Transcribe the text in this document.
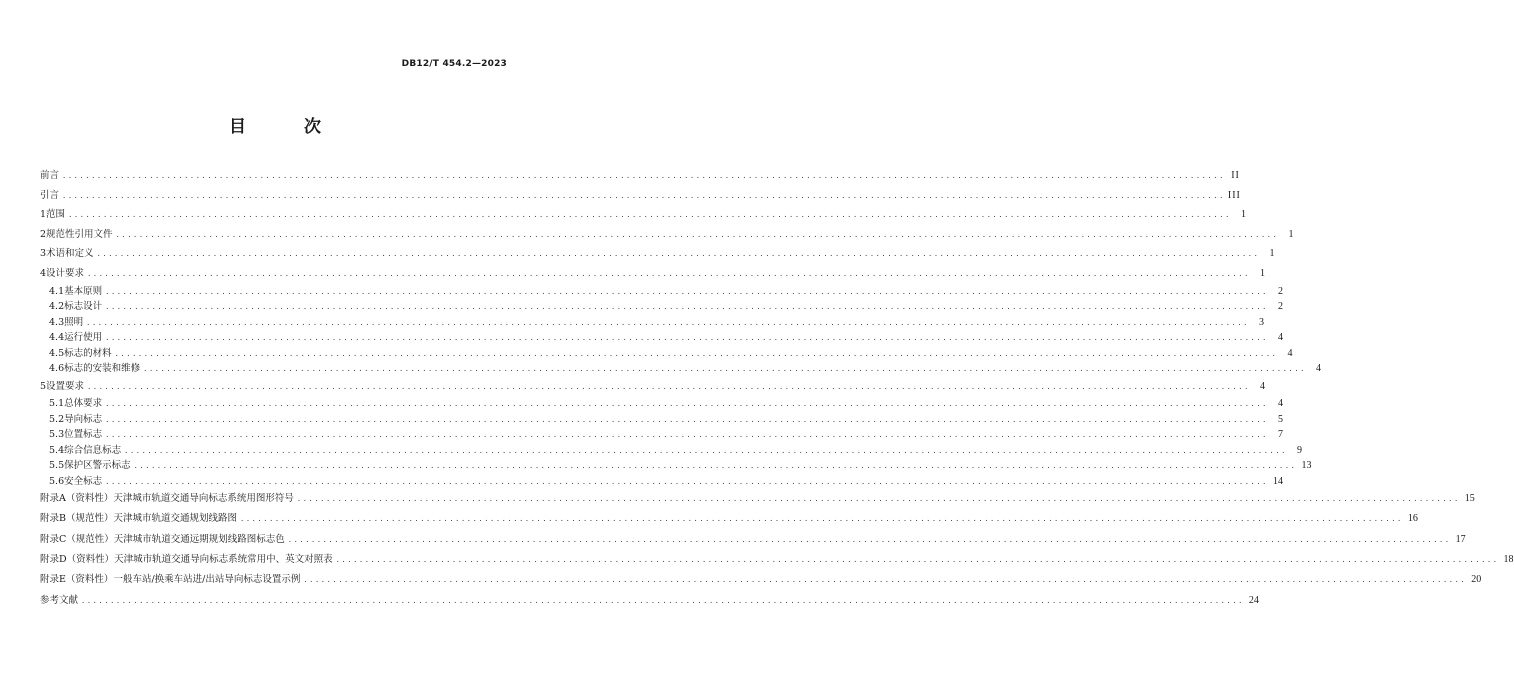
DB12/T 454.2—2023
目 次
前言 ........................................................................................................................................................................................................ II
引言 ........................................................................................................................................................................................................ III
1 范围 ........................................................................................................................................................................................................	1
2 规范性引用文件 ........................................................................................................................................................................................................	1
3 术语和定义 ........................................................................................................................................................................................................	1
4 设计要求 ........................................................................................................................................................................................................	1
4.1 基本原则 ........................................................................................................................................................................................................	2
4.2 标志设计 ........................................................................................................................................................................................................	2
4.3 照明 ........................................................................................................................................................................................................	3
4.4 运行使用 ........................................................................................................................................................................................................	4
4.5 标志的材料 ........................................................................................................................................................................................................	4
4.6 标志的安装和维修 ........................................................................................................................................................................................................	4
5 设置要求 ........................................................................................................................................................................................................	4
5.1 总体要求 ........................................................................................................................................................................................................	4
5.2 导向标志 ........................................................................................................................................................................................................	5
5.3 位置标志 ........................................................................................................................................................................................................	7
5.4 综合信息标志 ........................................................................................................................................................................................................	9
5.5 保护区警示标志 ........................................................................................................................................................................................................ 13
5.6 安全标志 ........................................................................................................................................................................................................ 14
附录A（资料性） 天津城市轨道交通导向标志系统用图形符号 ........................................................................................................................................................................................................ 15
附录B（规范性） 天津城市轨道交通规划线路图 ........................................................................................................................................................................................................ 16
附录C（规范性） 天津城市轨道交通远期规划线路图标志色 ........................................................................................................................................................................................................ 17
附录D（资料性） 天津城市轨道交通导向标志系统常用中、英文对照表 ........................................................................................................................................................................................................ 18
附录E（资料性） 一般车站/换乘车站进/出站导向标志设置示例 ........................................................................................................................................................................................................ 20
参考文献 ........................................................................................................................................................................................................ 24
